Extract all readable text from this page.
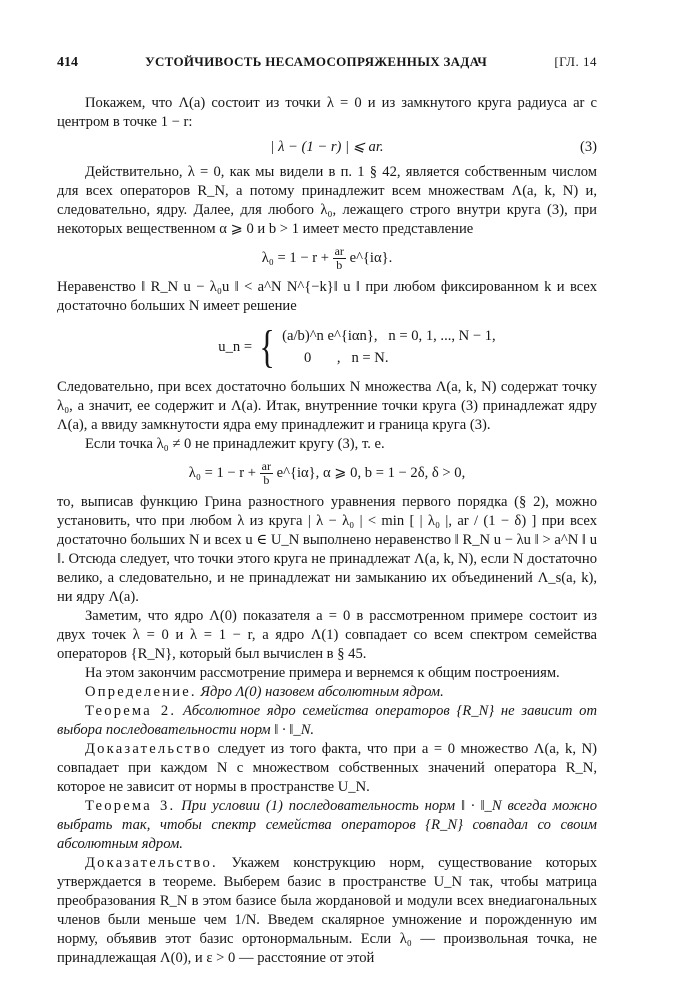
414	УСТОЙЧИВОСТЬ НЕСАМОСОПРЯЖЕННЫХ ЗАДАЧ	[ГЛ. 14

Покажем, что Λ(a) состоит из точки λ = 0 и из замкнутого круга радиуса ar с центром в точке 1 − r:

| λ − (1 − r) | ⩽ ar.	(3)

Действительно, λ = 0, как мы видели в п. 1 § 42, является собственным числом для всех операторов R_N, а потому принадлежит всем множествам Λ(a, k, N) и, следовательно, ядру. Далее, для любого λ₀, лежащего строго внутри круга (3), при некоторых вещественном α ⩾ 0 и b > 1 имеет место представление

$\lambda_0 = 1 - r + \frac{ar}{b}$ e^{iα}.

Неравенство ‖ R_N u − λ₀u ‖ < a^N N^{−k}‖ u ‖ при любом фиксированном k и всех достаточно больших N имеет решение

u_n = { (a/b)^n e^{iαn},   n = 0, 1, ..., N − 1,
0       ,   n = N.

Следовательно, при всех достаточно больших N множества Λ(a, k, N) содержат точку λ₀, а значит, ее содержит и Λ(a). Итак, внутренние точки круга (3) принадлежат ядру Λ(a), а ввиду замкнутости ядра ему принадлежит и граница круга (3).

Если точка λ₀ ≠ 0 не принадлежит кругу (3), т. е.

$\lambda_0 = 1 - r + \frac{ar}{b}$ e^{iα}, α ⩾ 0, b = 1 − 2δ, δ > 0,

то, выписав функцию Грина разностного уравнения первого порядка (§ 2), можно установить, что при любом λ из круга | λ − λ₀ | < min [ | λ₀ |, ar / (1 − δ) ] при всех достаточно больших N и всех u ∈ U_N выполнено неравенство ‖ R_N u − λu ‖ > a^N ‖ u ‖. Отсюда следует, что точки этого круга не принадлежат Λ(a, k, N), если N достаточно велико, а следовательно, и не принадлежат ни замыканию их объединений Λ_s(a, k), ни ядру Λ(a).

Заметим, что ядро Λ(0) показателя a = 0 в рассмотренном примере состоит из двух точек λ = 0 и λ = 1 − r, а ядро Λ(1) совпадает со всем спектром семейства операторов {R_N}, который был вычислен в § 45.

На этом закончим рассмотрение примера и вернемся к общим построениям.

Определение. Ядро Λ(0) назовем абсолютным ядром.

Теорема 2. Абсолютное ядро семейства операторов {R_N} не зависит от выбора последовательности норм ‖ · ‖_N.

Доказательство следует из того факта, что при a = 0 множество Λ(a, k, N) совпадает при каждом N с множеством собственных значений оператора R_N, которое не зависит от нормы в пространстве U_N.

Теорема 3. При условии (1) последовательность норм ‖ · ‖_N всегда можно выбрать так, чтобы спектр семейства операторов {R_N} совпадал со своим абсолютным ядром.

Доказательство. Укажем конструкцию норм, существование которых утверждается в теореме. Выберем базис в пространстве U_N так, чтобы матрица преобразования R_N в этом базисе была жордановой и модули всех внедиагональных членов были меньше чем 1/N. Введем скалярное умножение и порожденную им норму, объявив этот базис ортонормальным. Если λ₀ — произвольная точка, не принадлежащая Λ(0), и ε > 0 — расстояние от этой
